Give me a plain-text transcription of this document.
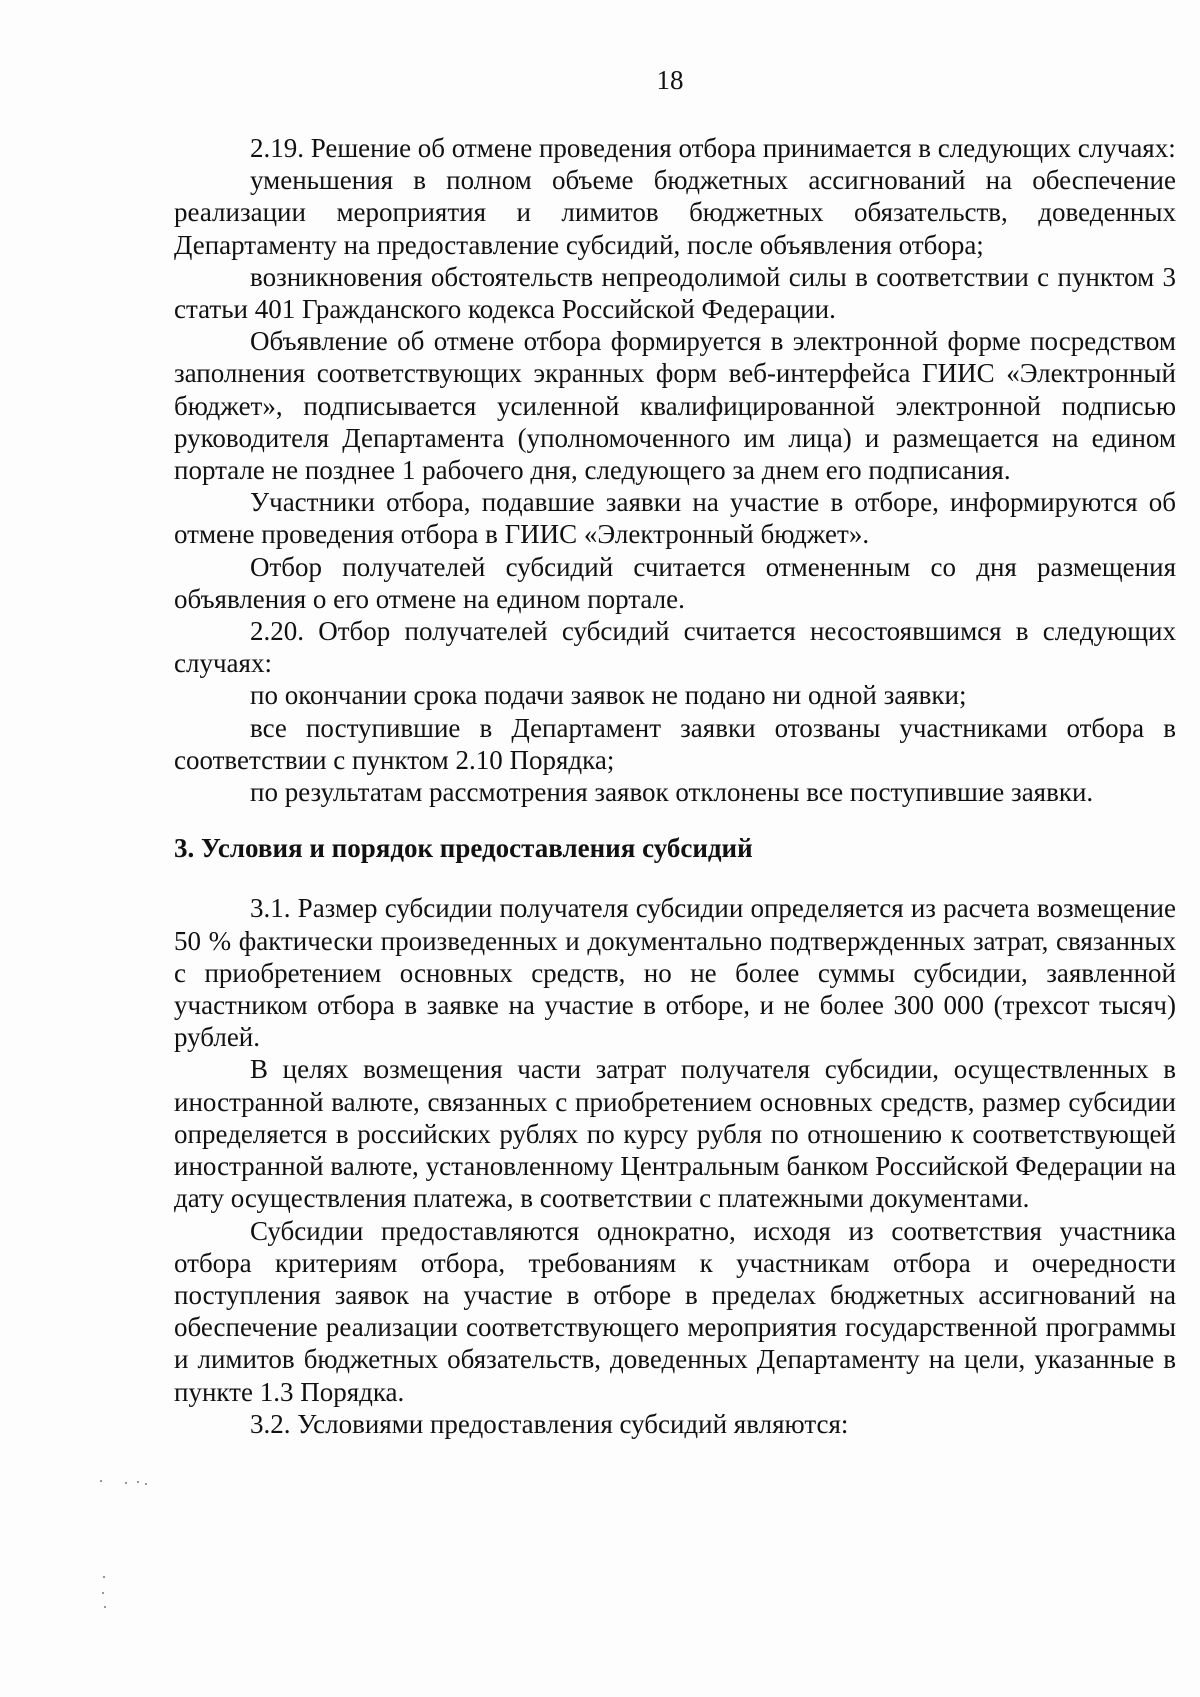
18

2.19. Решение об отмене проведения отбора принимается в следующих случаях:

уменьшения в полном объеме бюджетных ассигнований на обеспечение реализации мероприятия и лимитов бюджетных обязательств, доведенных Департаменту на предоставление субсидий, после объявления отбора;

возникновения обстоятельств непреодолимой силы в соответствии с пунктом 3 статьи 401 Гражданского кодекса Российской Федерации.

Объявление об отмене отбора формируется в электронной форме посредством заполнения соответствующих экранных форм веб-интерфейса ГИИС «Электронный бюджет», подписывается усиленной квалифицированной электронной подписью руководителя Департамента (уполномоченного им лица) и размещается на едином портале не позднее 1 рабочего дня, следующего за днем его подписания.

Участники отбора, подавшие заявки на участие в отборе, информируются об отмене проведения отбора в ГИИС «Электронный бюджет».

Отбор получателей субсидий считается отмененным со дня размещения объявления о его отмене на едином портале.

2.20. Отбор получателей субсидий считается несостоявшимся в следующих случаях:

по окончании срока подачи заявок не подано ни одной заявки;

все поступившие в Департамент заявки отозваны участниками отбора в соответствии с пунктом 2.10 Порядка;

по результатам рассмотрения заявок отклонены все поступившие заявки.

3. Условия и порядок предоставления субсидий

3.1. Размер субсидии получателя субсидии определяется из расчета возмещение 50 % фактически произведенных и документально подтвержденных затрат, связанных с приобретением основных средств, но не более суммы субсидии, заявленной участником отбора в заявке на участие в отборе, и не более 300 000 (трехсот тысяч) рублей.

В целях возмещения части затрат получателя субсидии, осуществленных в иностранной валюте, связанных с приобретением основных средств, размер субсидии определяется в российских рублях по курсу рубля по отношению к соответствующей иностранной валюте, установленному Центральным банком Российской Федерации на дату осуществления платежа, в соответствии с платежными документами.

Субсидии предоставляются однократно, исходя из соответствия участника отбора критериям отбора, требованиям к участникам отбора и очередности поступления заявок на участие в отборе в пределах бюджетных ассигнований на обеспечение реализации соответствующего мероприятия государственной программы и лимитов бюджетных обязательств, доведенных Департаменту на цели, указанные в пункте 1.3 Порядка.

3.2. Условиями предоставления субсидий являются:
